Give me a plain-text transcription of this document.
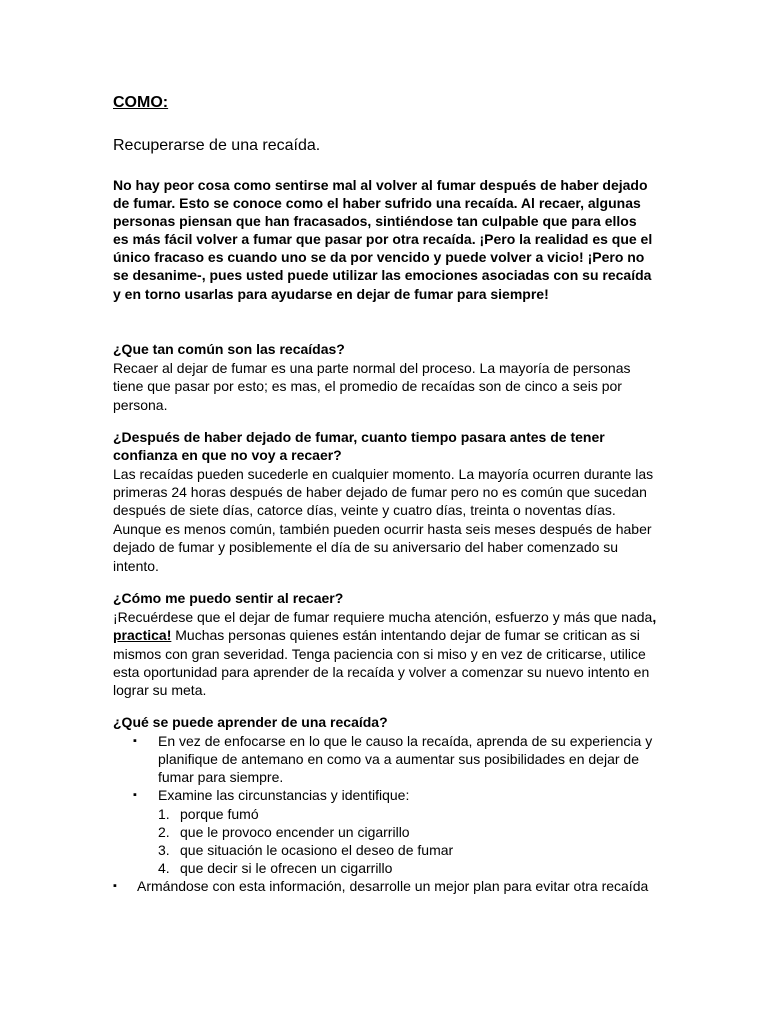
COMO:

Recuperarse de una recaída.

No hay peor cosa como sentirse mal al volver al fumar después de haber dejado de fumar. Esto se conoce como el haber sufrido una recaída. Al recaer, algunas personas piensan que han fracasados, sintiéndose tan culpable que para ellos es más fácil volver a fumar que pasar por otra recaída. ¡Pero la realidad es que el único fracaso es cuando uno se da por vencido y puede volver a vicio! ¡Pero no se desanime-, pues usted puede utilizar las emociones asociadas con su recaída y en torno usarlas para ayudarse en dejar de fumar para siempre!

¿Que tan común son las recaídas?

Recaer al dejar de fumar es una parte normal del proceso. La mayoría de personas tiene que pasar por esto; es mas, el promedio de recaídas son de cinco a seis por persona.

¿Después de haber dejado de fumar, cuanto tiempo pasara antes de tener confianza en que no voy a recaer?

Las recaídas pueden sucederle en cualquier momento. La mayoría ocurren durante las primeras 24 horas después de haber dejado de fumar pero no es común que sucedan después de siete días, catorce días, veinte y cuatro días, treinta o noventas días. Aunque es menos común, también pueden ocurrir hasta seis meses después de haber dejado de fumar y posiblemente el día de su aniversario del haber comenzado su intento.

¿Cómo me puedo sentir al recaer?

¡Recuérdese que el dejar de fumar requiere mucha atención, esfuerzo y más que nada, practica! Muchas personas quienes están intentando dejar de fumar se critican as si mismos con gran severidad. Tenga paciencia con si miso y en vez de criticarse, utilice esta oportunidad para aprender de la recaída y volver a comenzar su nuevo intento en lograr su meta.

¿Qué se puede aprender de una recaída?

▪ En vez de enfocarse en lo que le causo la recaída, aprenda de su experiencia y planifique de antemano en como va a aumentar sus posibilidades en dejar de fumar para siempre.
▪ Examine las circunstancias y identifique:
1. porque fumó
2. que le provoco encender un cigarrillo
3. que situación le ocasiono el deseo de fumar
4. que decir si le ofrecen un cigarrillo
▪ Armándose con esta información, desarrolle un mejor plan para evitar otra recaída
